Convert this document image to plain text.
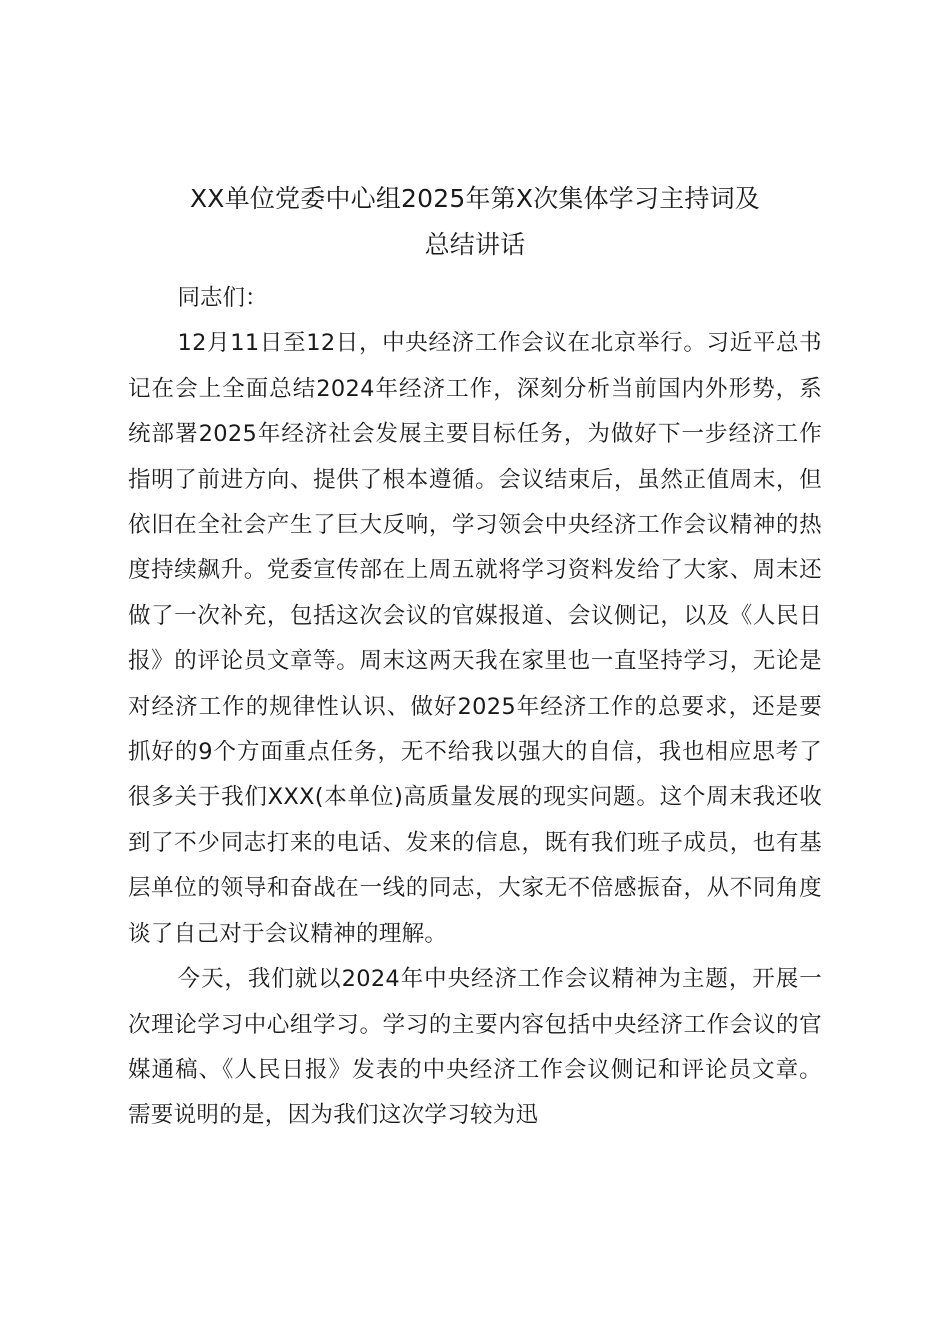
XX单位党委中心组2025年第X次集体学习主持词及
总结讲话

同志们：

12月11日至12日，中央经济工作会议在北京举行。习近平总书记在会上全面总结2024年经济工作，深刻分析当前国内外形势，系统部署2025年经济社会发展主要目标任务，为做好下一步经济工作指明了前进方向、提供了根本遵循。会议结束后，虽然正值周末，但依旧在全社会产生了巨大反响，学习领会中央经济工作会议精神的热度持续飙升。党委宣传部在上周五就将学习资料发给了大家、周末还做了一次补充，包括这次会议的官媒报道、会议侧记，以及《人民日报》的评论员文章等。周末这两天我在家里也一直坚持学习，无论是对经济工作的规律性认识、做好2025年经济工作的总要求，还是要抓好的9个方面重点任务，无不给我以强大的自信，我也相应思考了很多关于我们XXX(本单位)高质量发展的现实问题。这个周末我还收到了不少同志打来的电话、发来的信息，既有我们班子成员，也有基层单位的领导和奋战在一线的同志，大家无不倍感振奋，从不同角度谈了自己对于会议精神的理解。

今天，我们就以2024年中央经济工作会议精神为主题，开展一次理论学习中心组学习。学习的主要内容包括中央经济工作会议的官媒通稿、《人民日报》发表的中央经济工作会议侧记和评论员文章。需要说明的是，因为我们这次学习较为迅
